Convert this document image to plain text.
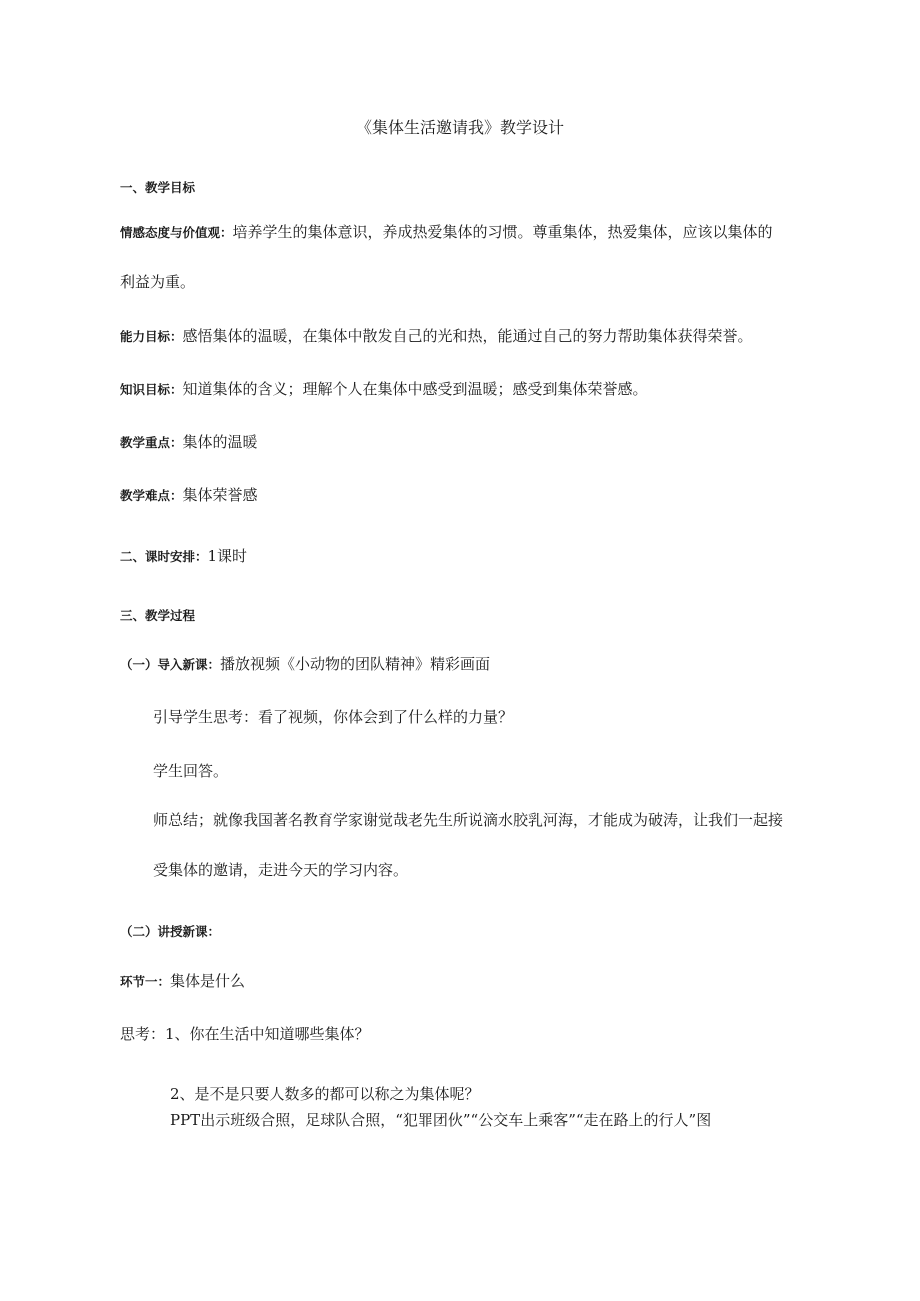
《集体生活邀请我》教学设计
一、教学目标
情感态度与价值观：培养学生的集体意识，养成热爱集体的习惯。尊重集体，热爱集体，应该以集体的
利益为重。
能力目标：感悟集体的温暖，在集体中散发自己的光和热，能通过自己的努力帮助集体获得荣誉。
知识目标：知道集体的含义；理解个人在集体中感受到温暖；感受到集体荣誉感。
教学重点：集体的温暖
教学难点：集体荣誉感
二、课时安排：1课时
三、教学过程
（一）导入新课：播放视频《小动物的团队精神》精彩画面
引导学生思考：看了视频，你体会到了什么样的力量？
学生回答。
师总结；就像我国著名教育学家谢觉哉老先生所说滴水胶乳河海，才能成为破涛，让我们一起接
受集体的邀请，走进今天的学习内容。
（二）讲授新课：
环节一：集体是什么
思考：1、你在生活中知道哪些集体？
2、是不是只要人数多的都可以称之为集体呢？
PPT出示班级合照，足球队合照，“犯罪团伙”“公交车上乘客”“走在路上的行人”图
